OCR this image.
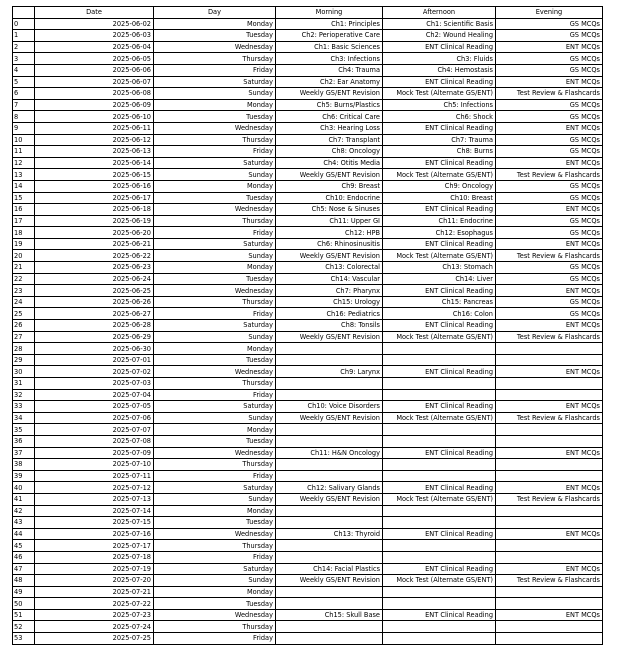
	Date	Day	Morning	Afternoon	Evening
0	2025-06-02	Monday	Ch1: Principles	Ch1: Scientific Basis	GS MCQs
1	2025-06-03	Tuesday	Ch2: Perioperative Care	Ch2: Wound Healing	GS MCQs
2	2025-06-04	Wednesday	Ch1: Basic Sciences	ENT Clinical Reading	ENT MCQs
3	2025-06-05	Thursday	Ch3: Infections	Ch3: Fluids	GS MCQs
4	2025-06-06	Friday	Ch4: Trauma	Ch4: Hemostasis	GS MCQs
5	2025-06-07	Saturday	Ch2: Ear Anatomy	ENT Clinical Reading	ENT MCQs
6	2025-06-08	Sunday	Weekly GS/ENT Revision	Mock Test (Alternate GS/ENT)	Test Review & Flashcards
7	2025-06-09	Monday	Ch5: Burns/Plastics	Ch5: Infections	GS MCQs
8	2025-06-10	Tuesday	Ch6: Critical Care	Ch6: Shock	GS MCQs
9	2025-06-11	Wednesday	Ch3: Hearing Loss	ENT Clinical Reading	ENT MCQs
10	2025-06-12	Thursday	Ch7: Transplant	Ch7: Trauma	GS MCQs
11	2025-06-13	Friday	Ch8: Oncology	Ch8: Burns	GS MCQs
12	2025-06-14	Saturday	Ch4: Otitis Media	ENT Clinical Reading	ENT MCQs
13	2025-06-15	Sunday	Weekly GS/ENT Revision	Mock Test (Alternate GS/ENT)	Test Review & Flashcards
14	2025-06-16	Monday	Ch9: Breast	Ch9: Oncology	GS MCQs
15	2025-06-17	Tuesday	Ch10: Endocrine	Ch10: Breast	GS MCQs
16	2025-06-18	Wednesday	Ch5: Nose & Sinuses	ENT Clinical Reading	ENT MCQs
17	2025-06-19	Thursday	Ch11: Upper GI	Ch11: Endocrine	GS MCQs
18	2025-06-20	Friday	Ch12: HPB	Ch12: Esophagus	GS MCQs
19	2025-06-21	Saturday	Ch6: Rhinosinusitis	ENT Clinical Reading	ENT MCQs
20	2025-06-22	Sunday	Weekly GS/ENT Revision	Mock Test (Alternate GS/ENT)	Test Review & Flashcards
21	2025-06-23	Monday	Ch13: Colorectal	Ch13: Stomach	GS MCQs
22	2025-06-24	Tuesday	Ch14: Vascular	Ch14: Liver	GS MCQs
23	2025-06-25	Wednesday	Ch7: Pharynx	ENT Clinical Reading	ENT MCQs
24	2025-06-26	Thursday	Ch15: Urology	Ch15: Pancreas	GS MCQs
25	2025-06-27	Friday	Ch16: Pediatrics	Ch16: Colon	GS MCQs
26	2025-06-28	Saturday	Ch8: Tonsils	ENT Clinical Reading	ENT MCQs
27	2025-06-29	Sunday	Weekly GS/ENT Revision	Mock Test (Alternate GS/ENT)	Test Review & Flashcards
28	2025-06-30	Monday			
29	2025-07-01	Tuesday			
30	2025-07-02	Wednesday	Ch9: Larynx	ENT Clinical Reading	ENT MCQs
31	2025-07-03	Thursday			
32	2025-07-04	Friday			
33	2025-07-05	Saturday	Ch10: Voice Disorders	ENT Clinical Reading	ENT MCQs
34	2025-07-06	Sunday	Weekly GS/ENT Revision	Mock Test (Alternate GS/ENT)	Test Review & Flashcards
35	2025-07-07	Monday			
36	2025-07-08	Tuesday			
37	2025-07-09	Wednesday	Ch11: H&N Oncology	ENT Clinical Reading	ENT MCQs
38	2025-07-10	Thursday			
39	2025-07-11	Friday			
40	2025-07-12	Saturday	Ch12: Salivary Glands	ENT Clinical Reading	ENT MCQs
41	2025-07-13	Sunday	Weekly GS/ENT Revision	Mock Test (Alternate GS/ENT)	Test Review & Flashcards
42	2025-07-14	Monday			
43	2025-07-15	Tuesday			
44	2025-07-16	Wednesday	Ch13: Thyroid	ENT Clinical Reading	ENT MCQs
45	2025-07-17	Thursday			
46	2025-07-18	Friday			
47	2025-07-19	Saturday	Ch14: Facial Plastics	ENT Clinical Reading	ENT MCQs
48	2025-07-20	Sunday	Weekly GS/ENT Revision	Mock Test (Alternate GS/ENT)	Test Review & Flashcards
49	2025-07-21	Monday			
50	2025-07-22	Tuesday			
51	2025-07-23	Wednesday	Ch15: Skull Base	ENT Clinical Reading	ENT MCQs
52	2025-07-24	Thursday			
53	2025-07-25	Friday			
